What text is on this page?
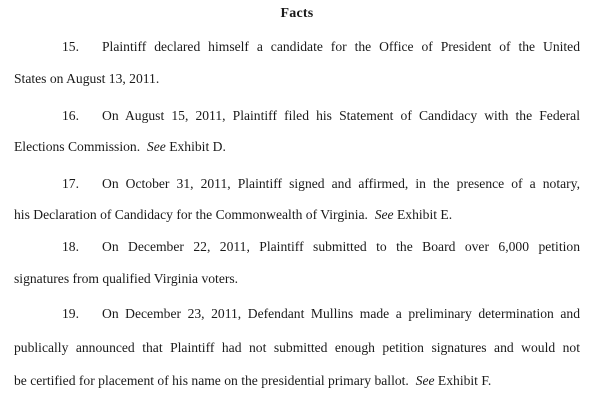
Facts
15. Plaintiff declared himself a candidate for the Office of President of the United
States on August 13, 2011.
16. On August 15, 2011, Plaintiff filed his Statement of Candidacy with the Federal
Elections Commission. See Exhibit D.
17. On October 31, 2011, Plaintiff signed and affirmed, in the presence of a notary,
his Declaration of Candidacy for the Commonwealth of Virginia. See Exhibit E.
18. On December 22, 2011, Plaintiff submitted to the Board over 6,000 petition
signatures from qualified Virginia voters.
19. On December 23, 2011, Defendant Mullins made a preliminary determination and
publically announced that Plaintiff had not submitted enough petition signatures and would not
be certified for placement of his name on the presidential primary ballot. See Exhibit F.
